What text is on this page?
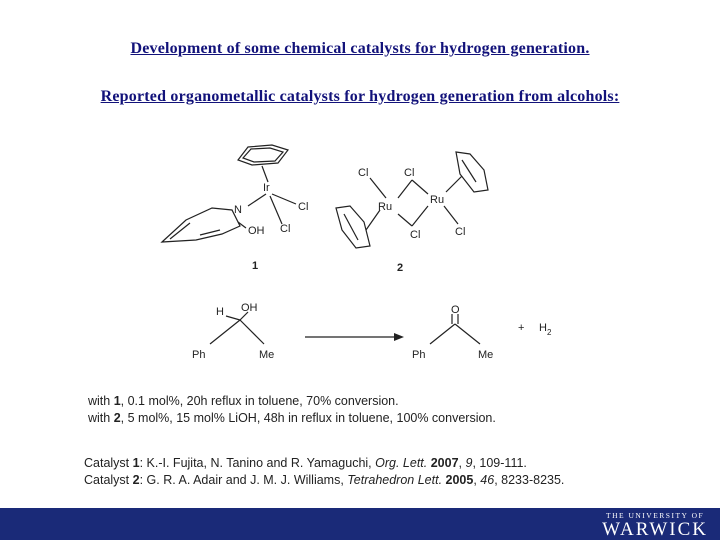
Development of some chemical catalysts for hydrogen generation.
Reported organometallic catalysts for hydrogen generation from alcohols:
Ir
N
OH
Cl
Cl
1
Cl	Cl
Ru
Ru
Cl	Cl
2
H OH
Ph	Me
O
Ph	Me
+ $H_2$
with 1, 0.1 mol%, 20h reflux in toluene, 70% conversion.
with 2, 5 mol%, 15 mol% LiOH, 48h in reflux in toluene, 100% conversion.
Catalyst 1: K.-I. Fujita, N. Tanino and R. Yamaguchi, Org. Lett. 2007, 9, 109-111.
Catalyst 2: G. R. A. Adair and J. M. J. Williams, Tetrahedron Lett. 2005, 46, 8233-8235.
THE UNIVERSITY OF
WARWICK
